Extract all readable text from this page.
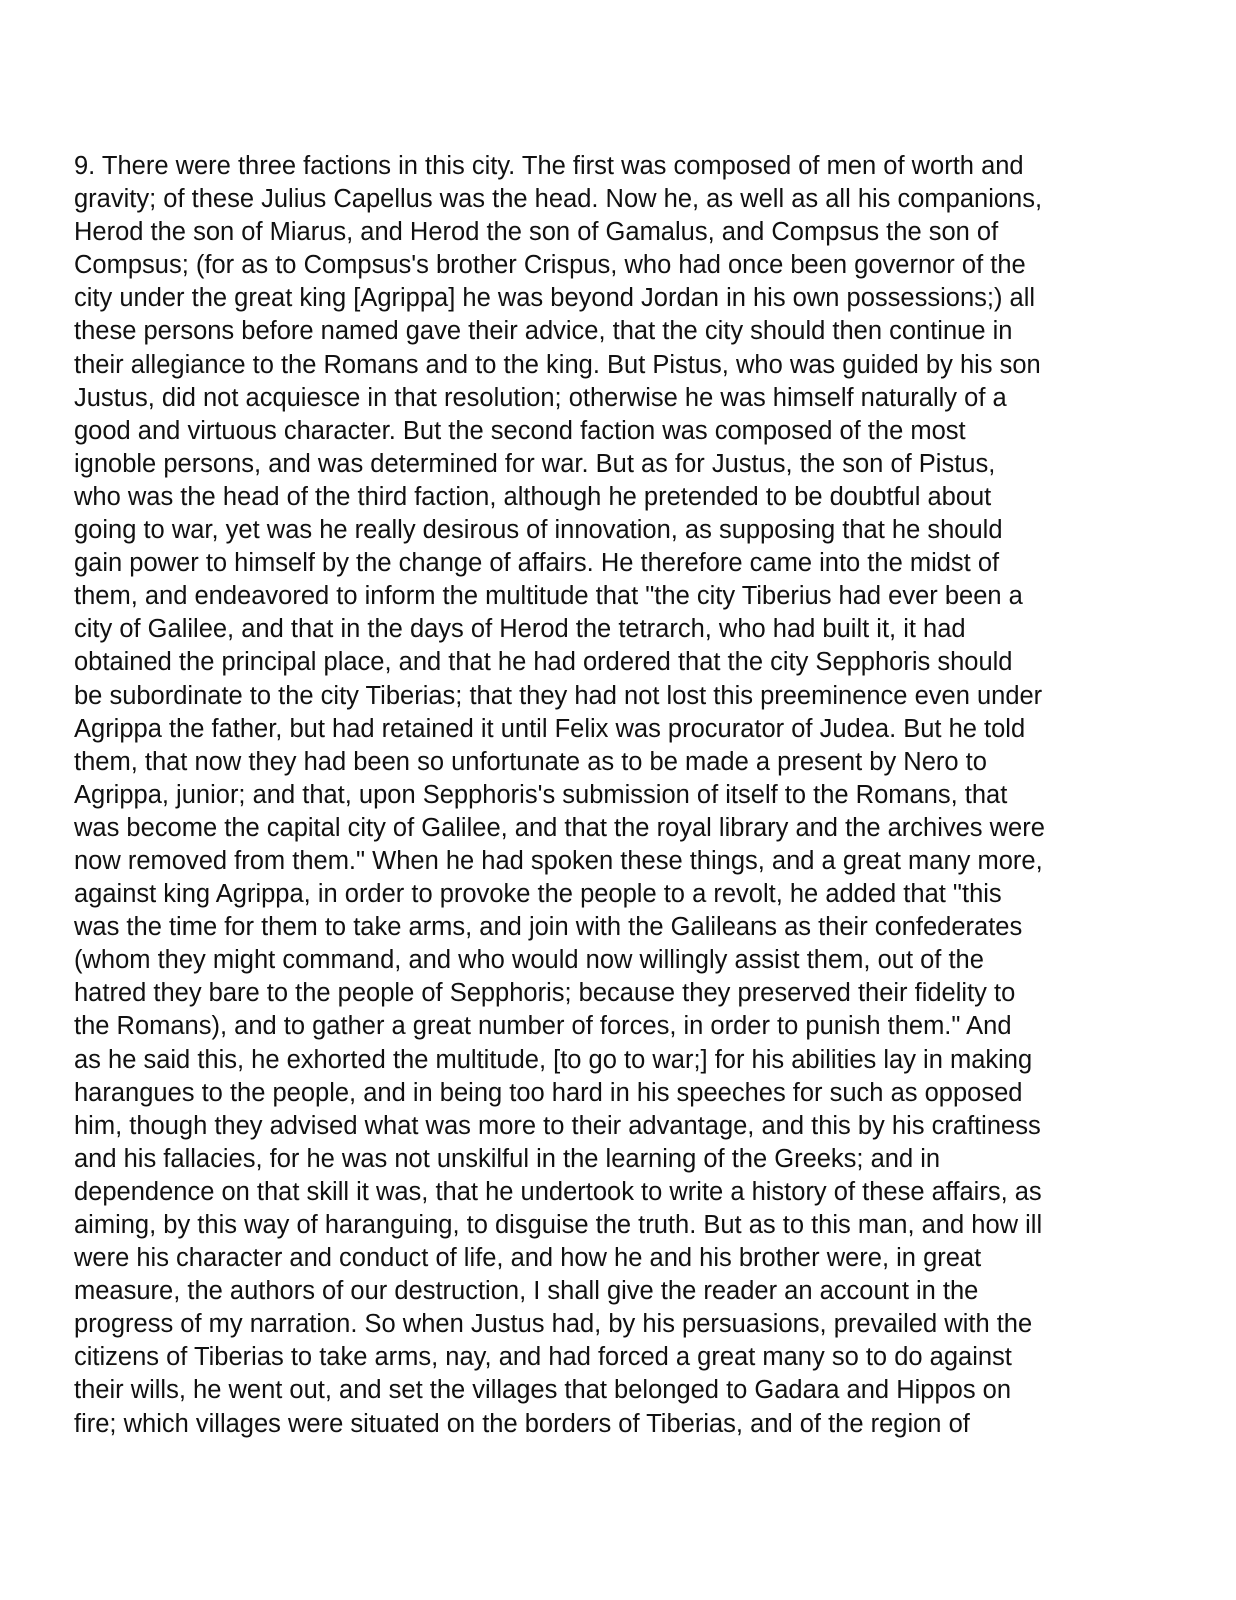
9. There were three factions in this city. The first was composed of men of worth and
gravity; of these Julius Capellus was the head. Now he, as well as all his companions,
Herod the son of Miarus, and Herod the son of Gamalus, and Compsus the son of
Compsus; (for as to Compsus's brother Crispus, who had once been governor of the
city under the great king [Agrippa] he was beyond Jordan in his own possessions;) all
these persons before named gave their advice, that the city should then continue in
their allegiance to the Romans and to the king. But Pistus, who was guided by his son
Justus, did not acquiesce in that resolution; otherwise he was himself naturally of a
good and virtuous character. But the second faction was composed of the most
ignoble persons, and was determined for war. But as for Justus, the son of Pistus,
who was the head of the third faction, although he pretended to be doubtful about
going to war, yet was he really desirous of innovation, as supposing that he should
gain power to himself by the change of affairs. He therefore came into the midst of
them, and endeavored to inform the multitude that "the city Tiberius had ever been a
city of Galilee, and that in the days of Herod the tetrarch, who had built it, it had
obtained the principal place, and that he had ordered that the city Sepphoris should
be subordinate to the city Tiberias; that they had not lost this preeminence even under
Agrippa the father, but had retained it until Felix was procurator of Judea. But he told
them, that now they had been so unfortunate as to be made a present by Nero to
Agrippa, junior; and that, upon Sepphoris's submission of itself to the Romans, that
was become the capital city of Galilee, and that the royal library and the archives were
now removed from them." When he had spoken these things, and a great many more,
against king Agrippa, in order to provoke the people to a revolt, he added that "this
was the time for them to take arms, and join with the Galileans as their confederates
(whom they might command, and who would now willingly assist them, out of the
hatred they bare to the people of Sepphoris; because they preserved their fidelity to
the Romans), and to gather a great number of forces, in order to punish them." And
as he said this, he exhorted the multitude, [to go to war;] for his abilities lay in making
harangues to the people, and in being too hard in his speeches for such as opposed
him, though they advised what was more to their advantage, and this by his craftiness
and his fallacies, for he was not unskilful in the learning of the Greeks; and in
dependence on that skill it was, that he undertook to write a history of these affairs, as
aiming, by this way of haranguing, to disguise the truth. But as to this man, and how ill
were his character and conduct of life, and how he and his brother were, in great
measure, the authors of our destruction, I shall give the reader an account in the
progress of my narration. So when Justus had, by his persuasions, prevailed with the
citizens of Tiberias to take arms, nay, and had forced a great many so to do against
their wills, he went out, and set the villages that belonged to Gadara and Hippos on
fire; which villages were situated on the borders of Tiberias, and of the region of
